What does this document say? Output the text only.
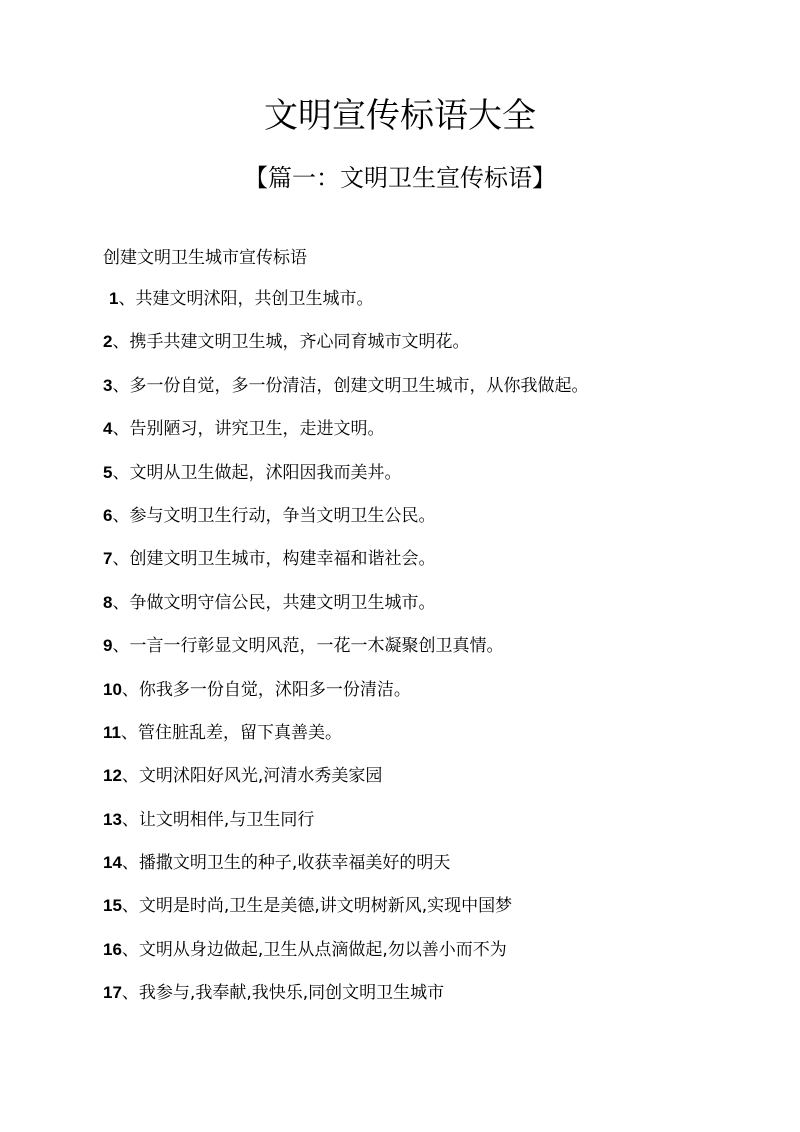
文明宣传标语大全
【篇一：文明卫生宣传标语】

创建文明卫生城市宣传标语

1、共建文明沭阳，共创卫生城市。
2、携手共建文明卫生城，齐心同育城市文明花。
3、多一份自觉，多一份清洁，创建文明卫生城市，从你我做起。
4、告别陋习，讲究卫生，走进文明。
5、文明从卫生做起，沭阳因我而美丼。
6、参与文明卫生行动，争当文明卫生公民。
7、创建文明卫生城市，构建幸福和谐社会。
8、争做文明守信公民，共建文明卫生城市。
9、一言一行彰显文明风范，一花一木凝聚创卫真情。
10、你我多一份自觉，沭阳多一份清洁。
11、管住脏乱差，留下真善美。
12、文明沭阳好风光,河清水秀美家园
13、让文明相伴,与卫生同行
14、播撒文明卫生的种子,收获幸福美好的明天
15、文明是时尚,卫生是美德,讲文明树新风,实现中国梦
16、文明从身边做起,卫生从点滴做起,勿以善小而不为
17、我参与,我奉献,我快乐,同创文明卫生城市
